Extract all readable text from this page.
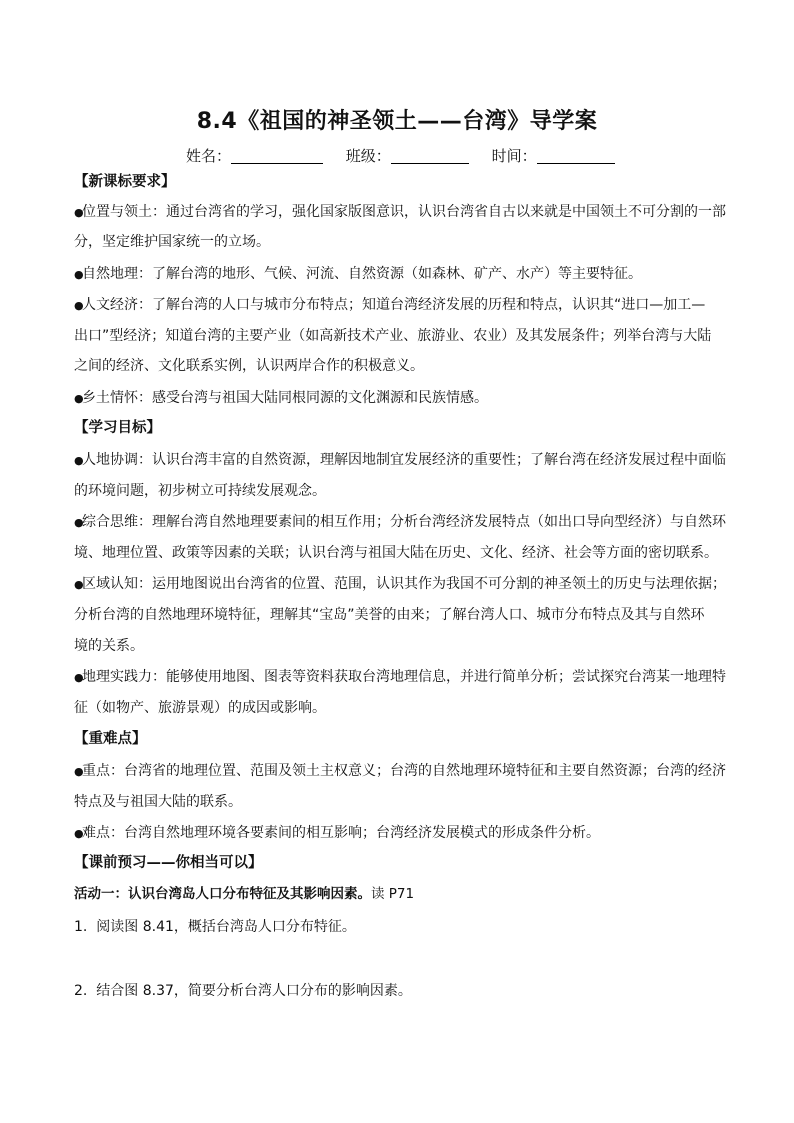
8.4《祖国的神圣领土——台湾》导学案
姓名：	班级：	时间：
【新课标要求】
●位置与领土：通过台湾省的学习，强化国家版图意识，认识台湾省自古以来就是中国领土不可分割的一部
分，坚定维护国家统一的立场。
●自然地理：了解台湾的地形、气候、河流、自然资源（如森林、矿产、水产）等主要特征。
●人文经济：了解台湾的人口与城市分布特点；知道台湾经济发展的历程和特点，认识其“进口—加工—
出口”型经济；知道台湾的主要产业（如高新技术产业、旅游业、农业）及其发展条件；列举台湾与大陆
之间的经济、文化联系实例，认识两岸合作的积极意义。
●乡土情怀：感受台湾与祖国大陆同根同源的文化渊源和民族情感。
【学习目标】
●人地协调：认识台湾丰富的自然资源，理解因地制宜发展经济的重要性；了解台湾在经济发展过程中面临
的环境问题，初步树立可持续发展观念。
●综合思维：理解台湾自然地理要素间的相互作用；分析台湾经济发展特点（如出口导向型经济）与自然环
境、地理位置、政策等因素的关联；认识台湾与祖国大陆在历史、文化、经济、社会等方面的密切联系。
●区域认知：运用地图说出台湾省的位置、范围，认识其作为我国不可分割的神圣领土的历史与法理依据；
分析台湾的自然地理环境特征，理解其“宝岛”美誉的由来；了解台湾人口、城市分布特点及其与自然环
境的关系。
●地理实践力：能够使用地图、图表等资料获取台湾地理信息，并进行简单分析；尝试探究台湾某一地理特
征（如物产、旅游景观）的成因或影响。
【重难点】
●重点：台湾省的地理位置、范围及领土主权意义；台湾的自然地理环境特征和主要自然资源；台湾的经济
特点及与祖国大陆的联系。
●难点：台湾自然地理环境各要素间的相互影响；台湾经济发展模式的形成条件分析。
【课前预习——你相当可以】
活动一：认识台湾岛人口分布特征及其影响因素。读 P71
1. 阅读图 8.41，概括台湾岛人口分布特征。
2. 结合图 8.37，简要分析台湾人口分布的影响因素。
